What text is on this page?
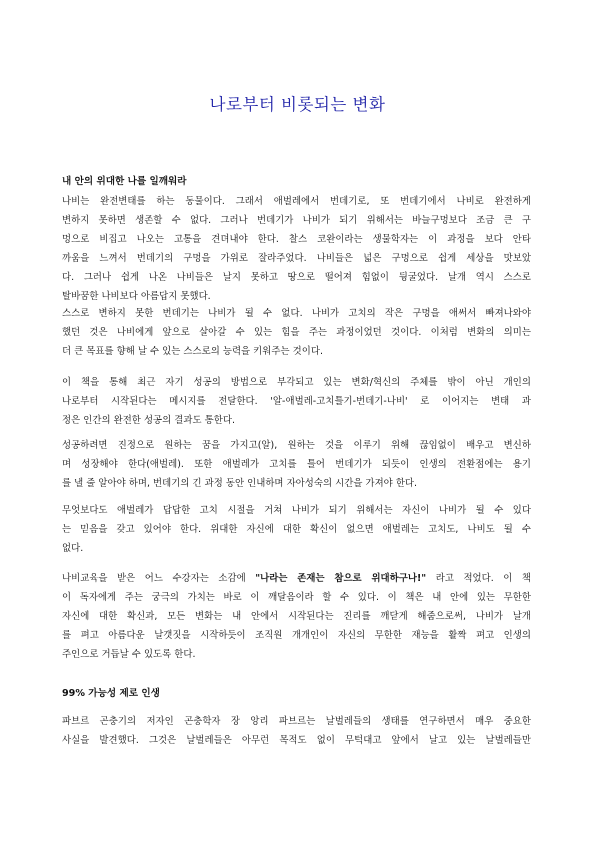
나로부터 비롯되는 변화
내 안의 위대한 나를 일깨워라

나비는 완전변태를 하는 동물이다. 그래서 애벌레에서 번데기로, 또 번데기에서 나비로 완전하게
변하지 못하면 생존할 수 없다. 그러나 번데기가 나비가 되기 위해서는 바늘구멍보다 조금 큰 구
멍으로 비집고 나오는 고통을 견뎌내야 한다. 찰스 코완이라는 생물학자는 이 과정을 보다 안타
까움을 느껴서 번데기의 구멍을 가위로 잘라주었다. 나비들은 넓은 구멍으로 쉽게 세상을 맛보았
다. 그러나 쉽게 나온 나비들은 날지 못하고 땅으로 떨어져 힘없이 뒹굴었다. 날개 역시 스스로
탈바꿈한 나비보다 아름답지 못했다.

스스로 변하지 못한 번데기는 나비가 될 수 없다. 나비가 고치의 작은 구멍을 애써서 빠져나와야
했던 것은 나비에게 앞으로 살아갈 수 있는 힘을 주는 과정이었던 것이다. 이처럼 변화의 의미는
더 큰 목표를 향해 날 수 있는 스스로의 능력을 키워주는 것이다.

이 책을 통해 최근 자기 성공의 방법으로 부각되고 있는 변화/혁신의 주체를 밖이 아닌 개인의
나로부터 시작된다는 메시지를 전달한다. '알-애벌레-고치틀기-번데기-나비' 로 이어지는 변태 과
정은 인간의 완전한 성공의 결과도 통한다.

성공하려면 진정으로 원하는 꿈을 가지고(알), 원하는 것을 이루기 위해 끊임없이 배우고 변신하
며 성장해야 한다(애벌레). 또한 애벌레가 고치를 틀어 번데기가 되듯이 인생의 전환점에는 용기
를 낼 줄 알아야 하며, 번데기의 긴 과정 동안 인내하며 자아성숙의 시간을 가져야 한다.

무엇보다도 애벌레가 답답한 고치 시절을 거쳐 나비가 되기 위해서는 자신이 나비가 될 수 있다
는 믿음을 갖고 있어야 한다. 위대한 자신에 대한 확신이 없으면 애벌레는 고치도, 나비도 될 수
없다.

나비교육을 받은 어느 수강자는 소감에 "나라는 존재는 참으로 위대하구나!" 라고 적었다. 이 책
이 독자에게 주는 궁극의 가치는 바로 이 깨달음이라 할 수 있다. 이 책은 내 안에 있는 무한한
자신에 대한 확신과, 모든 변화는 내 안에서 시작된다는 진리를 깨닫게 해줌으로써, 나비가 날개
를 펴고 아름다운 날갯짓을 시작하듯이 조직원 개개인이 자신의 무한한 재능을 활짝 펴고 인생의
주인으로 거듭날 수 있도록 한다.

99% 가능성 제로 인생

파브르 곤충기의 저자인 곤충학자 장 앙리 파브르는 날벌레들의 생태를 연구하면서 매우 중요한
사실을 발견했다. 그것은 날벌레들은 아무런 목적도 없이 무턱대고 앞에서 날고 있는 날벌레들만
